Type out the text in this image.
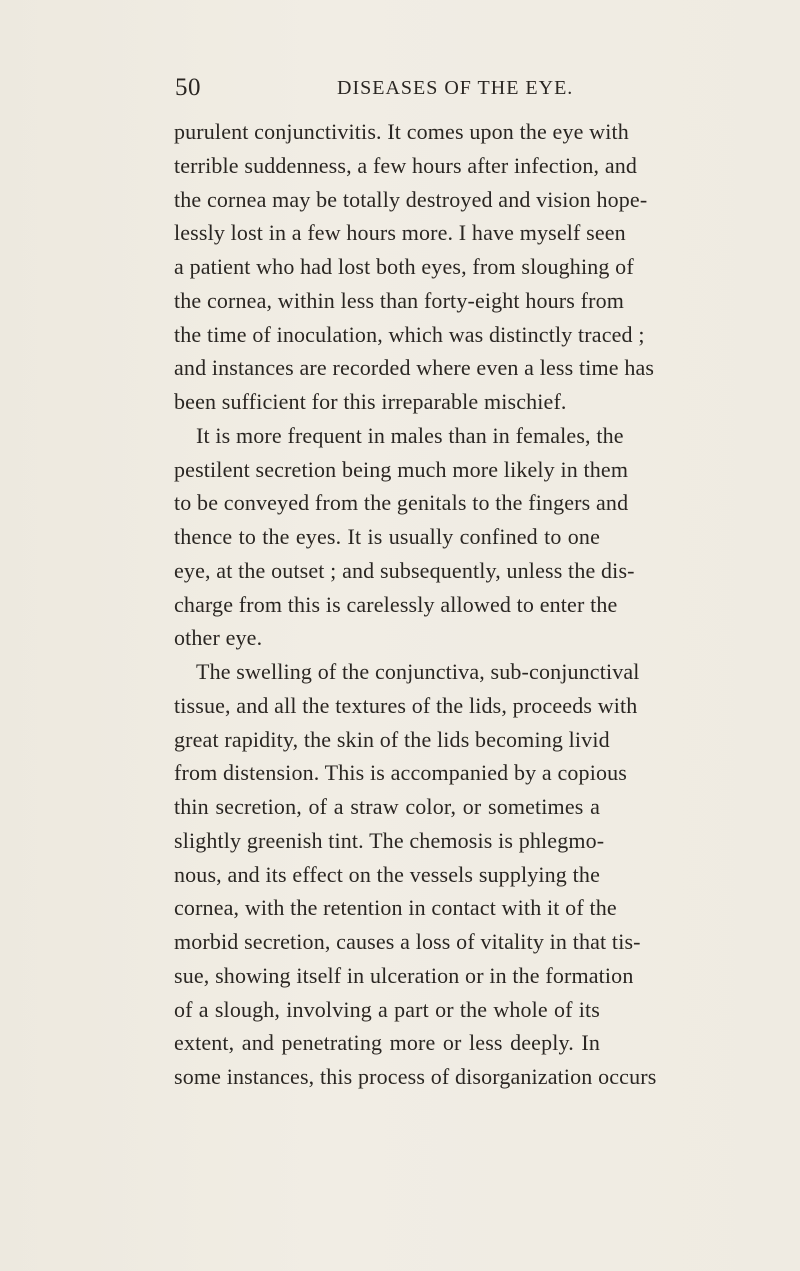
50	DISEASES OF THE EYE.
purulent conjunctivitis. It comes upon the eye with
terrible suddenness, a few hours after infection, and
the cornea may be totally destroyed and vision hope-
lessly lost in a few hours more. I have myself seen
a patient who had lost both eyes, from sloughing of
the cornea, within less than forty-eight hours from
the time of inoculation, which was distinctly traced ;
and instances are recorded where even a less time has
been sufficient for this irreparable mischief.
It is more frequent in males than in females, the
pestilent secretion being much more likely in them
to be conveyed from the genitals to the fingers and
thence to the eyes. It is usually confined to one
eye, at the outset ; and subsequently, unless the dis-
charge from this is carelessly allowed to enter the
other eye.
The swelling of the conjunctiva, sub-conjunctival
tissue, and all the textures of the lids, proceeds with
great rapidity, the skin of the lids becoming livid
from distension. This is accompanied by a copious
thin secretion, of a straw color, or sometimes a
slightly greenish tint. The chemosis is phlegmo-
nous, and its effect on the vessels supplying the
cornea, with the retention in contact with it of the
morbid secretion, causes a loss of vitality in that tis-
sue, showing itself in ulceration or in the formation
of a slough, involving a part or the whole of its
extent, and penetrating more or less deeply. In
some instances, this process of disorganization occurs
